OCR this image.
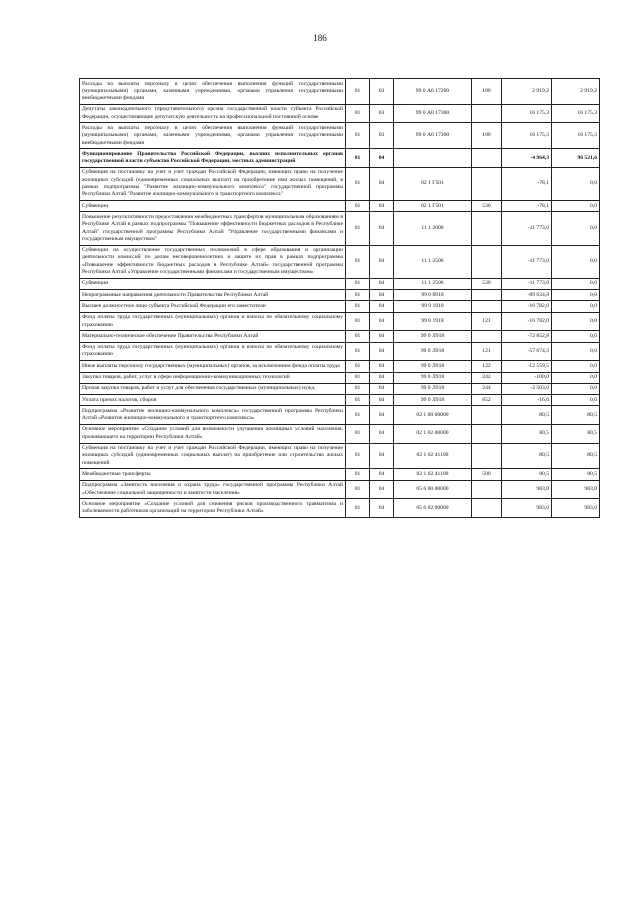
186
Расходы на выплаты персоналу в целях обеспечения выполнения функций государственными (муниципальными) органами, казенными учреждениями, органами управления государственными внебюджетными фондами	01	03	99 0 А0 17200	100	2 919,2	2 919,2
Депутаты законодательного (представительного) органа государственной власти субъекта Российской Федерации, осуществляющие депутатскую деятельность на профессиональной постоянной основе	01	03	99 0 А0 17300		16 175,3	16 175,3
Расходы на выплаты персоналу в целях обеспечения выполнения функций государственными (муниципальными) органами, казенными учреждениями, органами управления государственными внебюджетными фондами	01	03	99 0 А0 17300	100	16 175,3	16 175,3
Функционирование Правительства Российской Федерации, высших исполнительных органов государственной власти субъектов Российской Федерации, местных администраций	01	04			-4 964,3	96 521,6
Субвенция на постановку на учет и учет граждан Российской Федерации, имеющих право на получение жилищных субсидий (единовременных социальных выплат) на приобретение ими жилых помещений, в рамках подпрограммы "Развитие жилищно-коммунального комплекса" государственной программы Республики Алтай "Развитие жилищно-коммунального и транспортного комплекса"	01	04	02 1 Г501		-78,1	0,0
Субвенции	01	04	02 1 Г501	530	-78,1	0,0
Повышение результативности предоставления межбюджетных трансфертов муниципальным образованиям в Республике Алтай в рамках подпрограммы "Повышение эффективности бюджетных расходов в Республике Алтай" государственной программы Республики Алтай "Управление государственными финансами и государственным имуществом"	01	04	11 1 2000		-11 773,0	0,0
Субвенции на осуществление государственных полномочий в сфере образования и организации деятельности комиссий по делам несовершеннолетних и защите их прав в рамках подпрограммы «Повышение эффективности бюджетных расходов в Республике Алтай» государственной программы Республики Алтай «Управление государственными финансами и государственным имуществом»	01	04	11 1 2506		-11 773,0	0,0
Субвенции	01	04	11 1 2506	530	-11 773,0	0,0
Непрограммные направления деятельности Правительства Республики Алтай	01	04	99 0 0918		-89 634,8	0,0
Высшее должностное лицо субъекта Российской Федерации его заместители	01	04	99 0 1918		-16 782,0	0,0
Фонд оплаты труда государственных (муниципальных) органов и взносы по обязательному социальному страхованию	01	04	99 0 1918	121	-16 782,0	0,0
Материально-техническое обеспечение Правительства Республики Алтай	01	04	99 0 Л918		-72 852,8	0,0
Фонд оплаты труда государственных (муниципальных) органов и взносы по обязательному социальному страхованию	01	04	99 0 Л918	121	-57 674,3	0,0
Иные выплаты персоналу государственных (муниципальных) органов, за исключением фонда оплаты труда	01	04	99 0 Л918	122	-12 559,5	0,0
Закупка товаров, работ, услуг в сфере информационно-коммуникационных технологий	01	04	99 0 Л918	242	-100,0	0,0
Прочая закупка товаров, работ и услуг для обеспечения государственных (муниципальных) нужд	01	04	99 0 Л918	244	-2 503,0	0,0
Уплата прочих налогов, сборов	01	04	99 0 Л918	852	-16,0	0,0
Подпрограмма «Развитие жилищно-коммунального комплекса» государственной программы Республики Алтай «Развитие жилищно-коммунального и транспортного комплекса»	01	04	02 1 00 00000		80,5	80,5
Основное мероприятие «Создание условий для возможности улучшения жилищных условий населения, проживающего на территории Республики Алтай»	01	04	02 1 02 00000		80,5	80,5
Субвенция на постановку на учет и учет граждан Российской Федерации, имеющих право на получение жилищных субсидий (единовременных социальных выплат) на приобретение или строительство жилых помещений	01	04	02 1 02 41100		80,5	80,5
Межбюджетные трансферты	01	04	02 1 02 41100	500	80,5	80,5
Подпрограмма «Занятость населения и охрана труда» государственной программы Республики Алтай «Обеспечение социальной защищенности и занятости населения»	01	04	05 6 00 00000		983,0	983,0
Основное мероприятие «Создание условий для снижения рисков производственного травматизма и заболеваемости работников организаций на территории Республики Алтай»	01	04	05 6 02 00000		983,0	983,0
